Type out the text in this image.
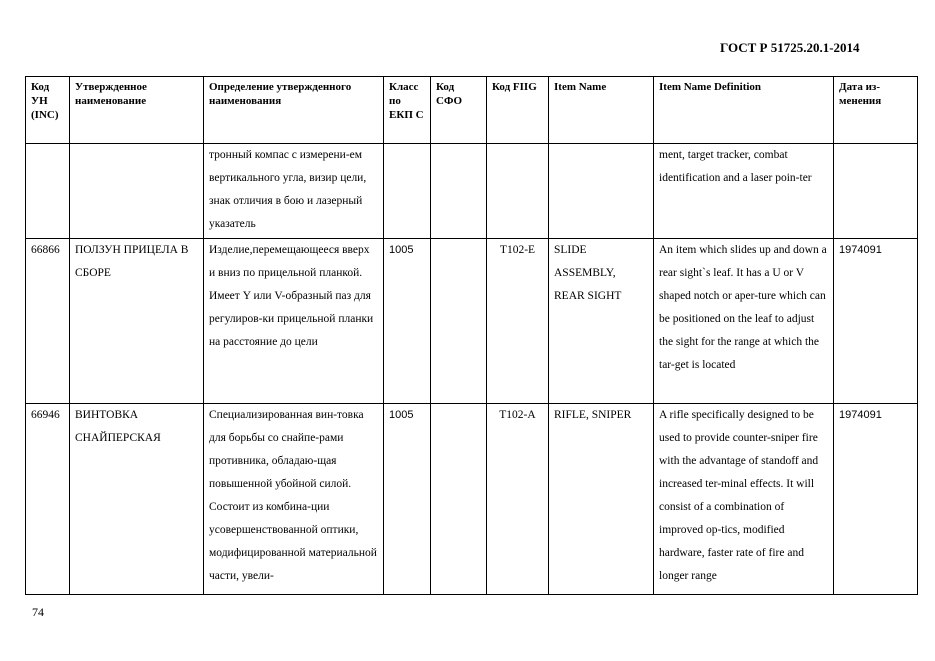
ГОСТ Р 51725.20.1-2014
Код УН (INC)	Утвержденное наименование	Определение утвержденного наименования	Класс по ЕКП С	Код СФО	Код FIIG	Item Name	Item Name Definition	Дата из-менения
		тронный компас с измерени-ем вертикального угла, визир цели, знак отличия в бою и лазерный указатель					ment, target tracker, combat identification and a laser poin-ter	
66866	ПОЛЗУН ПРИЦЕЛА В СБОРЕ	Изделие,перемещающееся вверх и вниз по прицельной планкой. Имеет Y или V-образный паз для регулиров-ки прицельной планки на расстояние до цели	1005		T102-E	SLIDE ASSEMBLY, REAR SIGHT	An item which slides up and down a rear sight`s leaf. It has a U or V shaped notch or aper-ture which can be positioned on the leaf to adjust the sight for the range at which the tar-get is located	1974091
66946	ВИНТОВКА СНАЙПЕРСКАЯ	Специализированная вин-товка для борьбы со снайпе-рами противника, обладаю-щая повышенной убойной силой. Состоит из комбина-ции усовершенствованной оптики, модифицированной материальной части, увели-	1005		T102-A	RIFLE, SNIPER	A rifle specifically designed to be used to provide counter-sniper fire with the advantage of standoff and increased ter-minal effects. It will consist of a combination of improved op-tics, modified hardware, faster rate of fire and longer range	1974091
74
